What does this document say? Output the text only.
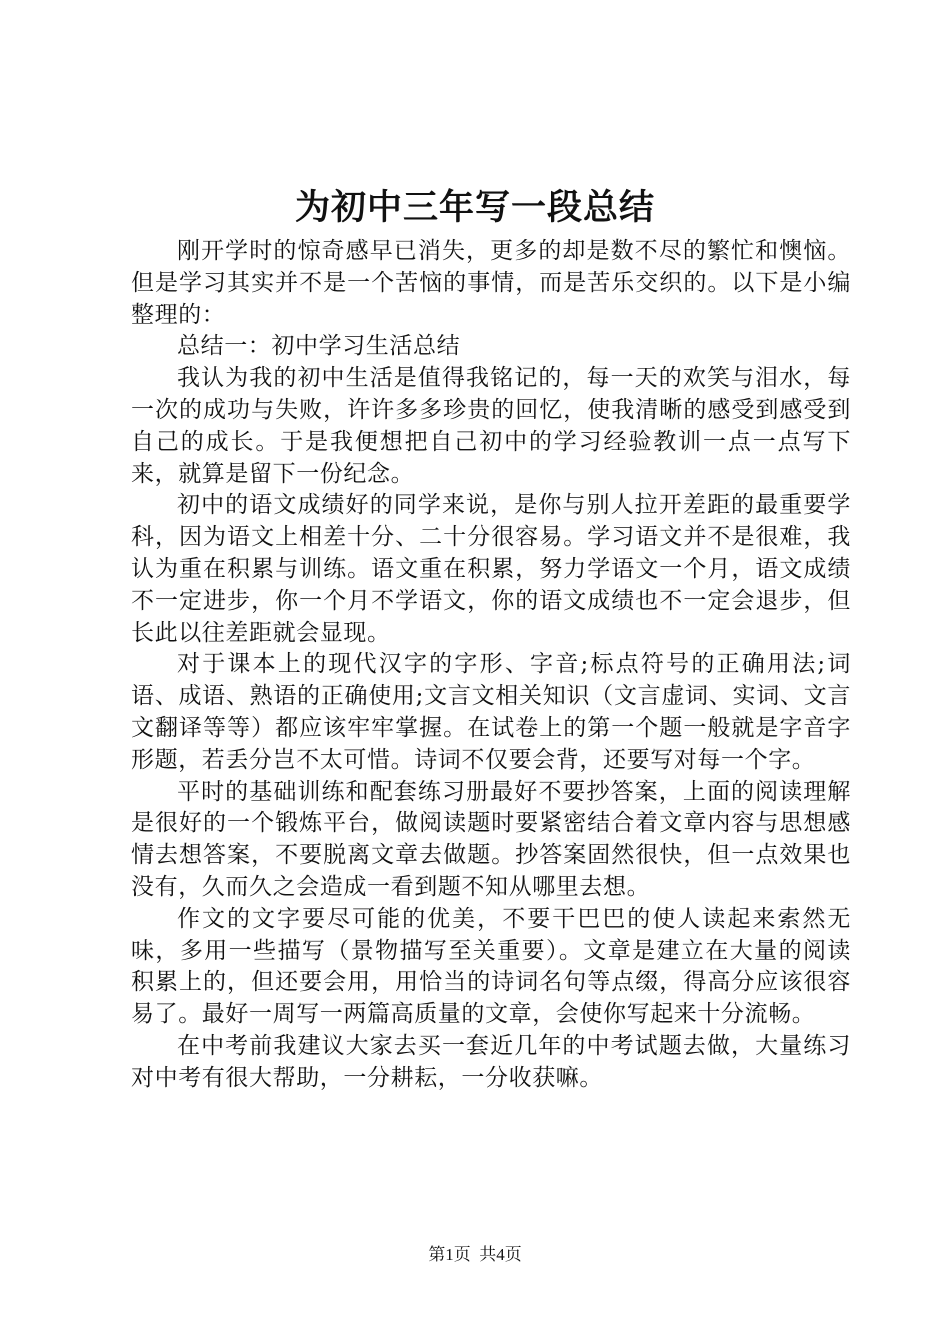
为初中三年写一段总结

刚开学时的惊奇感早已消失，更多的却是数不尽的繁忙和懊恼。但是学习其实并不是一个苦恼的事情，而是苦乐交织的。以下是小编整理的：

总结一：初中学习生活总结

我认为我的初中生活是值得我铭记的，每一天的欢笑与泪水，每一次的成功与失败，许许多多珍贵的回忆，使我清晰的感受到感受到自己的成长。于是我便想把自己初中的学习经验教训一点一点写下来，就算是留下一份纪念。

初中的语文成绩好的同学来说，是你与别人拉开差距的最重要学科，因为语文上相差十分、二十分很容易。学习语文并不是很难，我认为重在积累与训练。语文重在积累，努力学语文一个月，语文成绩不一定进步，你一个月不学语文，你的语文成绩也不一定会退步，但长此以往差距就会显现。

对于课本上的现代汉字的字形、字音;标点符号的正确用法;词语、成语、熟语的正确使用;文言文相关知识（文言虚词、实词、文言文翻译等等）都应该牢牢掌握。在试卷上的第一个题一般就是字音字形题，若丢分岂不太可惜。诗词不仅要会背，还要写对每一个字。

平时的基础训练和配套练习册最好不要抄答案，上面的阅读理解是很好的一个锻炼平台，做阅读题时要紧密结合着文章内容与思想感情去想答案，不要脱离文章去做题。抄答案固然很快，但一点效果也没有，久而久之会造成一看到题不知从哪里去想。

作文的文字要尽可能的优美，不要干巴巴的使人读起来索然无味，多用一些描写（景物描写至关重要）。文章是建立在大量的阅读积累上的，但还要会用，用恰当的诗词名句等点缀，得高分应该很容易了。最好一周写一两篇高质量的文章，会使你写起来十分流畅。

在中考前我建议大家去买一套近几年的中考试题去做，大量练习对中考有很大帮助，一分耕耘，一分收获嘛。

第1页 共4页
